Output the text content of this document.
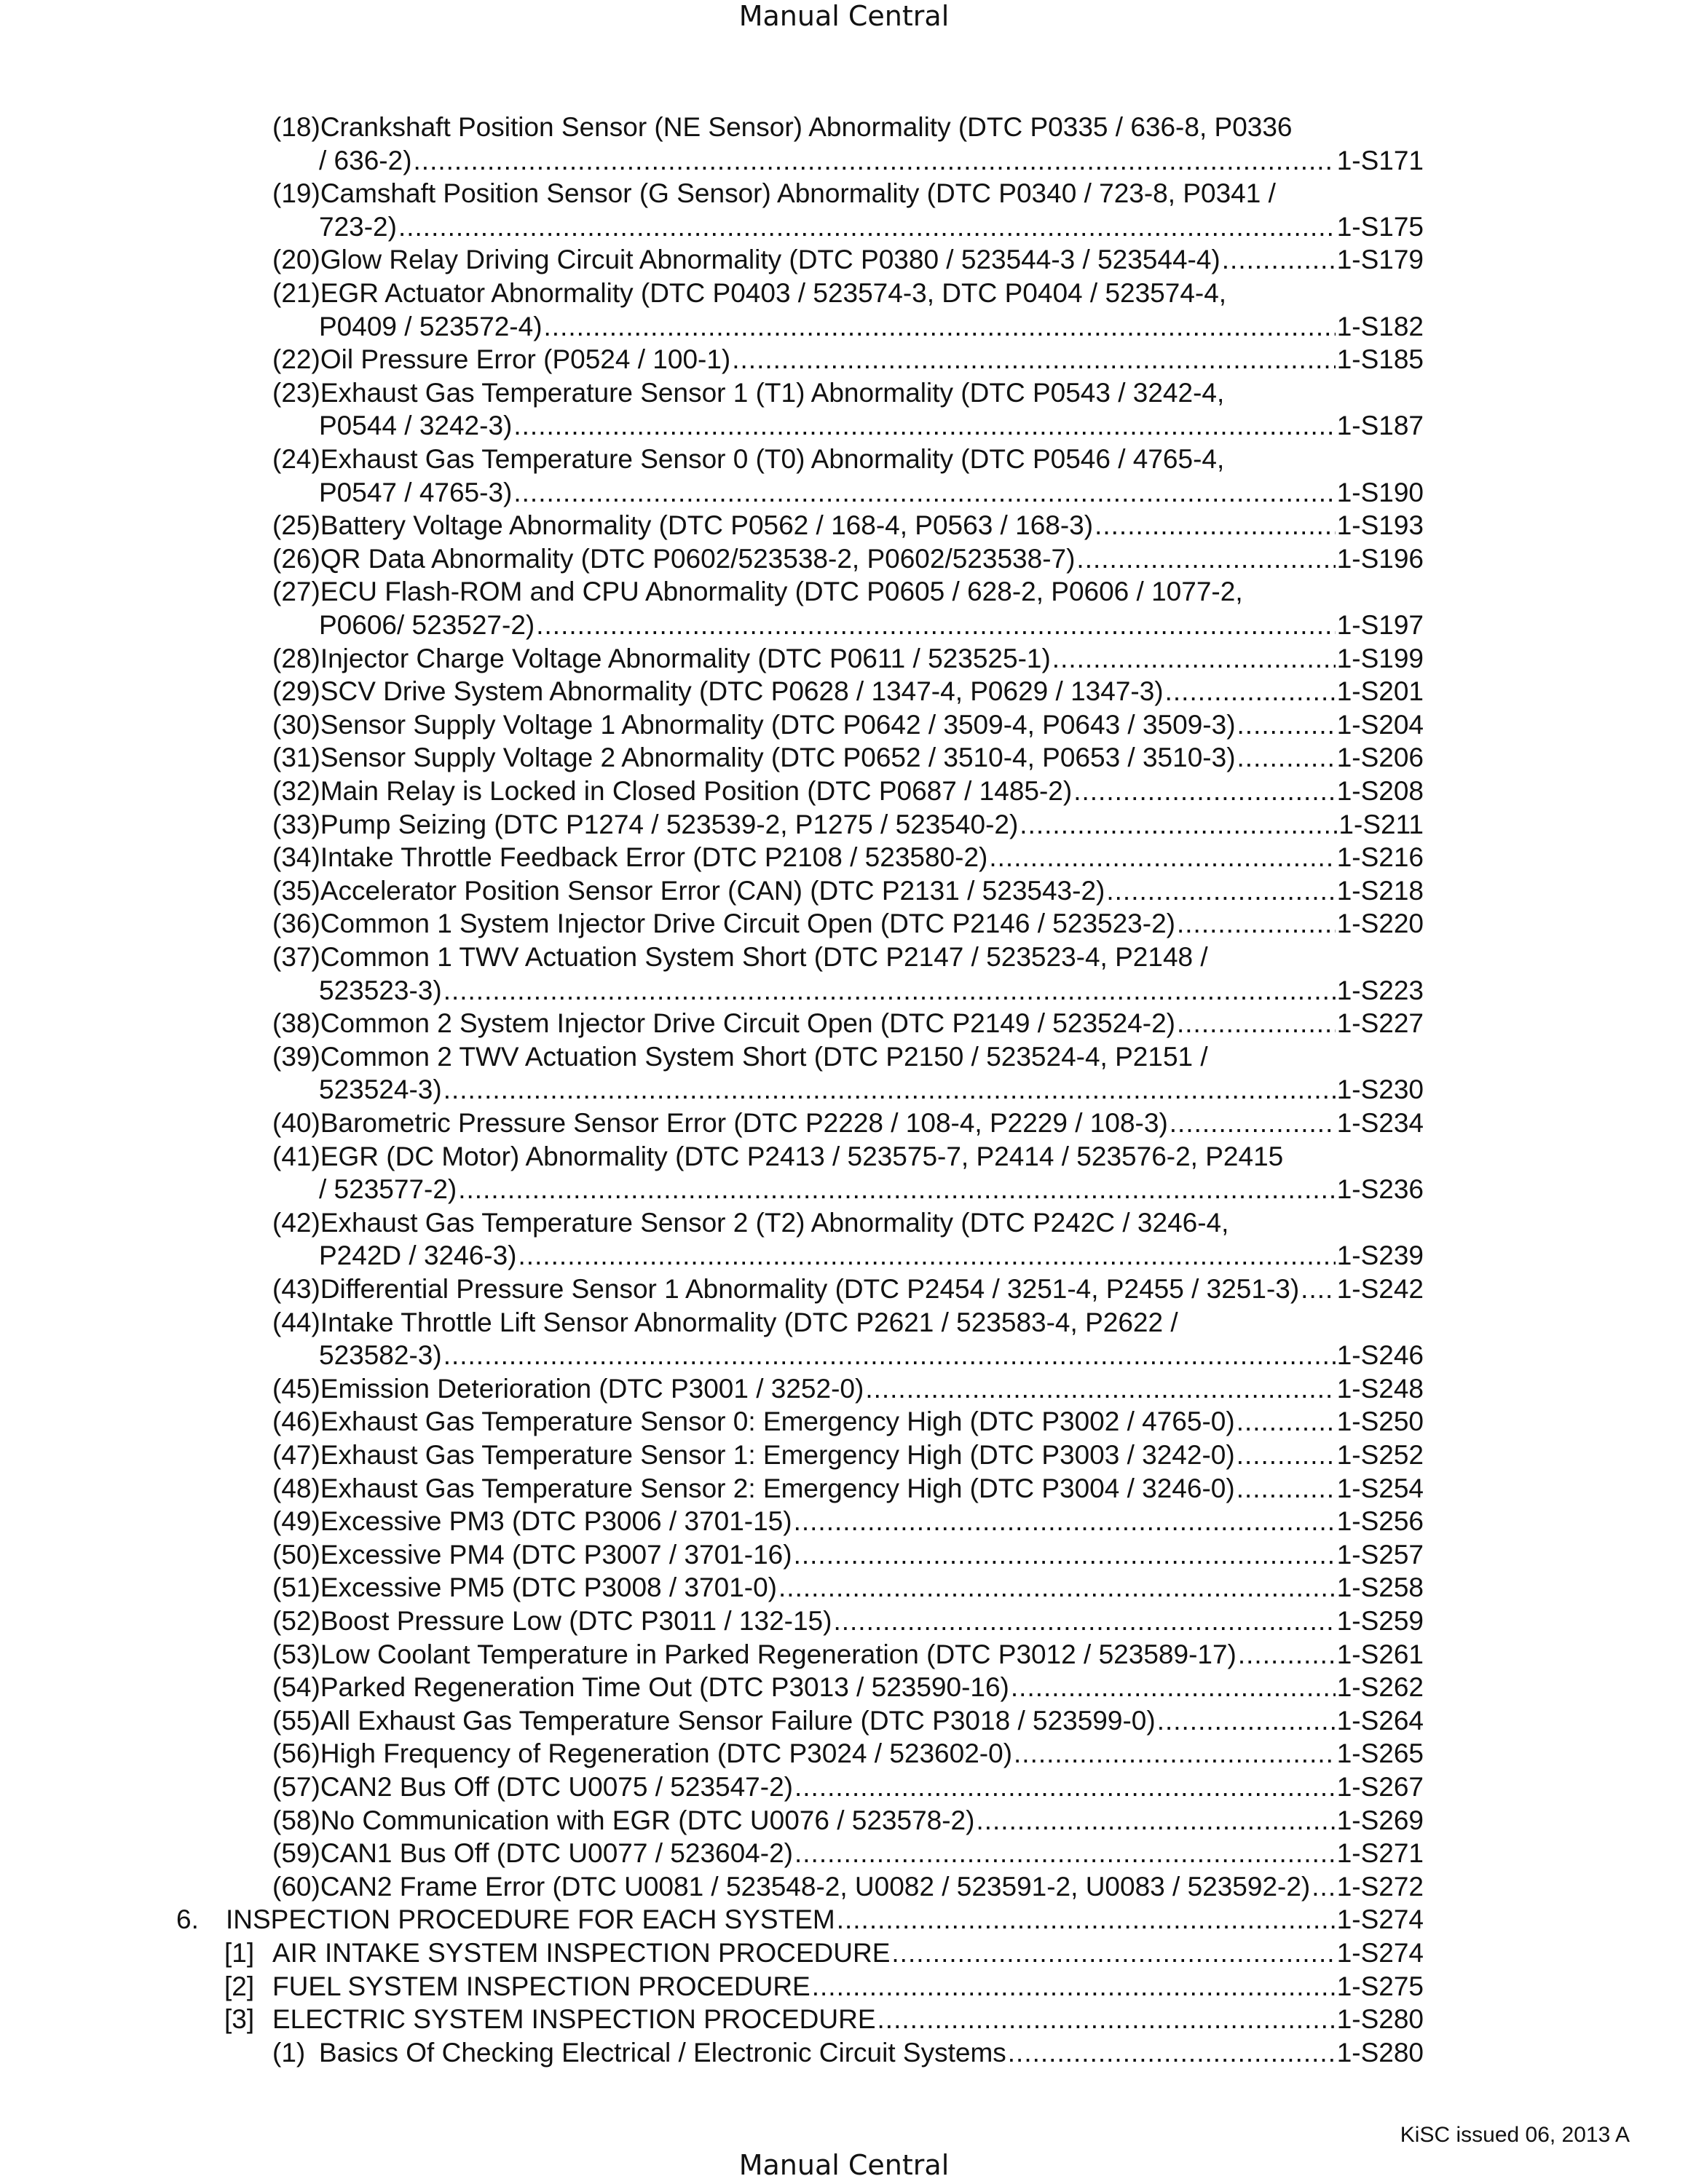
Manual Central
(18) Crankshaft Position Sensor (NE Sensor) Abnormality (DTC P0335 / 636-8, P0336
/ 636-2) .....	1-S171
(19) Camshaft Position Sensor (G Sensor) Abnormality (DTC P0340 / 723-8, P0341 /
723-2) .....	1-S175
(20) Glow Relay Driving Circuit Abnormality (DTC P0380 / 523544-3 / 523544-4) .....	1-S179
(21) EGR Actuator Abnormality (DTC P0403 / 523574-3, DTC P0404 / 523574-4,
P0409 / 523572-4) .....	1-S182
(22) Oil Pressure Error (P0524 / 100-1) .....	1-S185
(23) Exhaust Gas Temperature Sensor 1 (T1) Abnormality (DTC P0543 / 3242-4,
P0544 / 3242-3) .....	1-S187
(24) Exhaust Gas Temperature Sensor 0 (T0) Abnormality (DTC P0546 / 4765-4,
P0547 / 4765-3) .....	1-S190
(25) Battery Voltage Abnormality (DTC P0562 / 168-4, P0563 / 168-3) .....	1-S193
(26) QR Data Abnormality (DTC P0602/523538-2, P0602/523538-7) .....	1-S196
(27) ECU Flash-ROM and CPU Abnormality (DTC P0605 / 628-2, P0606 / 1077-2,
P0606/ 523527-2) .....	1-S197
(28) Injector Charge Voltage Abnormality (DTC P0611 / 523525-1) .....	1-S199
(29) SCV Drive System Abnormality (DTC P0628 / 1347-4, P0629 / 1347-3) .....	1-S201
(30) Sensor Supply Voltage 1 Abnormality (DTC P0642 / 3509-4, P0643 / 3509-3) .....	1-S204
(31) Sensor Supply Voltage 2 Abnormality (DTC P0652 / 3510-4, P0653 / 3510-3) .....	1-S206
(32) Main Relay is Locked in Closed Position (DTC P0687 / 1485-2) .....	1-S208
(33) Pump Seizing (DTC P1274 / 523539-2, P1275 / 523540-2) .....	1-S211
(34) Intake Throttle Feedback Error (DTC P2108 / 523580-2) .....	1-S216
(35) Accelerator Position Sensor Error (CAN) (DTC P2131 / 523543-2) .....	1-S218
(36) Common 1 System Injector Drive Circuit Open (DTC P2146 / 523523-2) .....	1-S220
(37) Common 1 TWV Actuation System Short (DTC P2147 / 523523-4, P2148 /
523523-3) .....	1-S223
(38) Common 2 System Injector Drive Circuit Open (DTC P2149 / 523524-2) .....	1-S227
(39) Common 2 TWV Actuation System Short (DTC P2150 / 523524-4, P2151 /
523524-3) .....	1-S230
(40) Barometric Pressure Sensor Error (DTC P2228 / 108-4, P2229 / 108-3) .....	1-S234
(41) EGR (DC Motor) Abnormality (DTC P2413 / 523575-7, P2414 / 523576-2, P2415
/ 523577-2) .....	1-S236
(42) Exhaust Gas Temperature Sensor 2 (T2) Abnormality (DTC P242C / 3246-4,
P242D / 3246-3) .....	1-S239
(43) Differential Pressure Sensor 1 Abnormality (DTC P2454 / 3251-4, P2455 / 3251-3) ..... 1-S242
(44) Intake Throttle Lift Sensor Abnormality (DTC P2621 / 523583-4, P2622 /
523582-3) .....	1-S246
(45) Emission Deterioration (DTC P3001 / 3252-0) .....	1-S248
(46) Exhaust Gas Temperature Sensor 0: Emergency High (DTC P3002 / 4765-0) .....	1-S250
(47) Exhaust Gas Temperature Sensor 1: Emergency High (DTC P3003 / 3242-0) .....	1-S252
(48) Exhaust Gas Temperature Sensor 2: Emergency High (DTC P3004 / 3246-0) .....	1-S254
(49) Excessive PM3 (DTC P3006 / 3701-15) .....	1-S256
(50) Excessive PM4 (DTC P3007 / 3701-16) .....	1-S257
(51) Excessive PM5 (DTC P3008 / 3701-0) .....	1-S258
(52) Boost Pressure Low (DTC P3011 / 132-15) .....	1-S259
(53) Low Coolant Temperature in Parked Regeneration (DTC P3012 / 523589-17) .....	1-S261
(54) Parked Regeneration Time Out (DTC P3013 / 523590-16) .....	1-S262
(55) All Exhaust Gas Temperature Sensor Failure (DTC P3018 / 523599-0) .....	1-S264
(56) High Frequency of Regeneration (DTC P3024 / 523602-0) .....	1-S265
(57) CAN2 Bus Off (DTC U0075 / 523547-2) .....	1-S267
(58) No Communication with EGR (DTC U0076 / 523578-2) .....	1-S269
(59) CAN1 Bus Off (DTC U0077 / 523604-2) .....	1-S271
(60) CAN2 Frame Error (DTC U0081 / 523548-2, U0082 / 523591-2, U0083 / 523592-2) ..... 1-S272
6.	INSPECTION PROCEDURE FOR EACH SYSTEM .....	1-S274
[1] AIR INTAKE SYSTEM INSPECTION PROCEDURE .....	1-S274
[2] FUEL SYSTEM INSPECTION PROCEDURE .....	1-S275
[3] ELECTRIC SYSTEM INSPECTION PROCEDURE .....	1-S280
(1) Basics Of Checking Electrical / Electronic Circuit Systems .....	1-S280
Manual Central
KiSC issued 06, 2013 A
